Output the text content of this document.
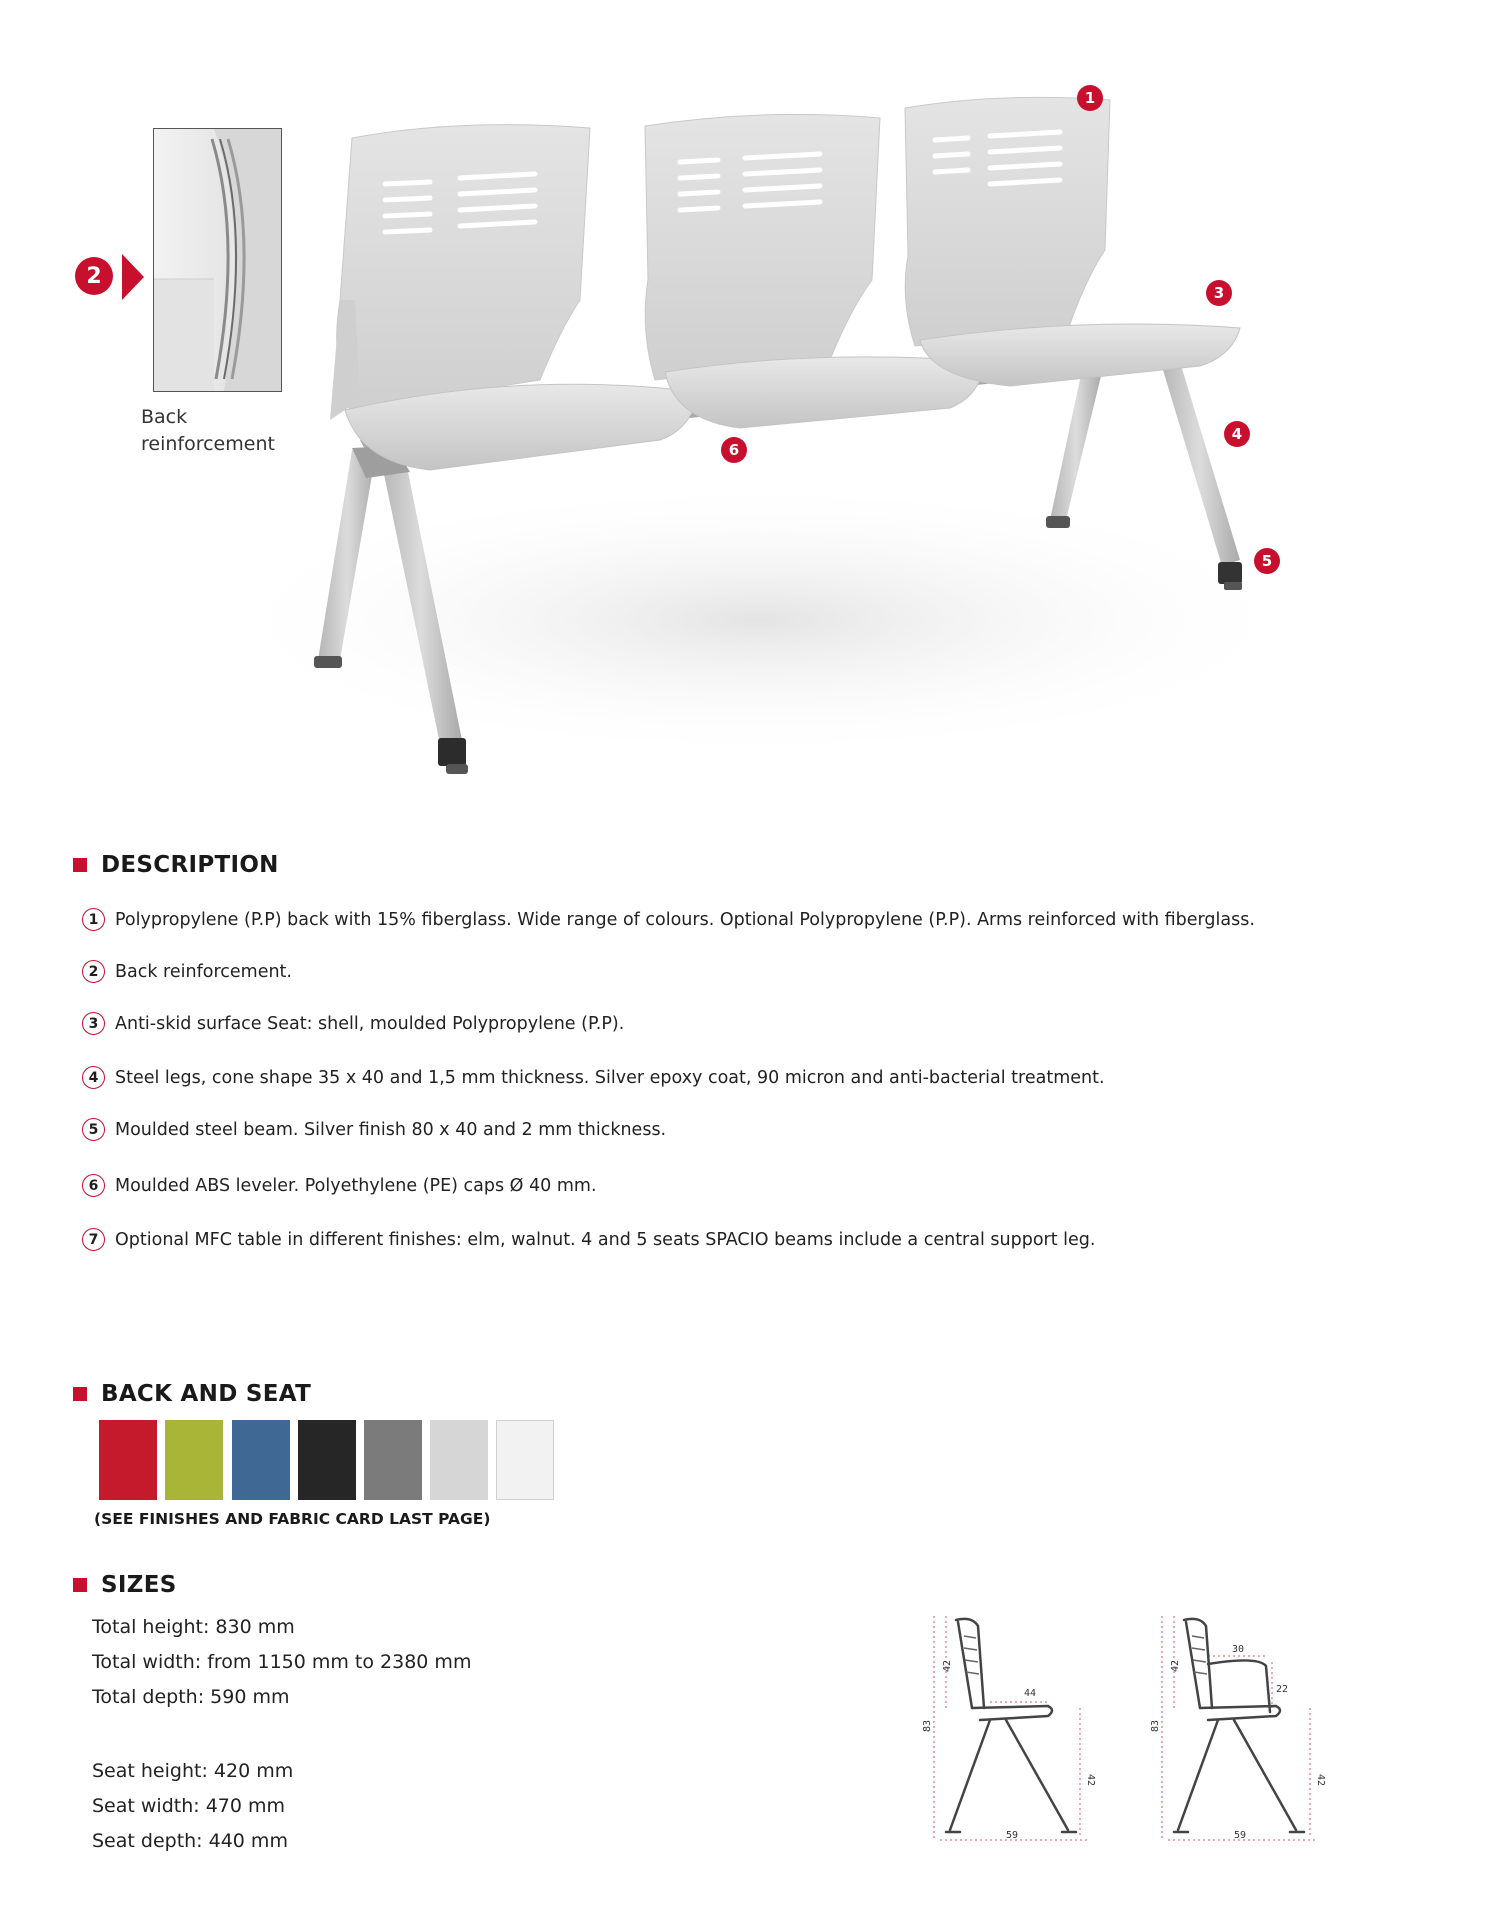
1
2
3
4
5
6
Back
reinforcement
DESCRIPTION
1 Polypropylene (P.P) back with 15% fiberglass. Wide range of colours. Optional Polypropylene (P.P). Arms reinforced with fiberglass.
2 Back reinforcement.
3 Anti-skid surface Seat: shell, moulded Polypropylene (P.P).
4 Steel legs, cone shape 35 x 40 and 1,5 mm thickness. Silver epoxy coat, 90 micron and anti-bacterial treatment.
5 Moulded steel beam. Silver finish 80 x 40 and 2 mm thickness.
6 Moulded ABS leveler. Polyethylene (PE) caps Ø 40 mm.
7 Optional MFC table in different finishes: elm, walnut. 4 and 5 seats SPACIO beams include a central support leg.
BACK AND SEAT
(SEE FINISHES AND FABRIC CARD LAST PAGE)
SIZES
Total height: 830 mm
Total width: from 1150 mm to 2380 mm
Total depth: 590 mm
Seat height: 420 mm
Seat width: 470 mm
Seat depth: 440 mm
42
44
83
42
59
42
30
22
83
42
59
